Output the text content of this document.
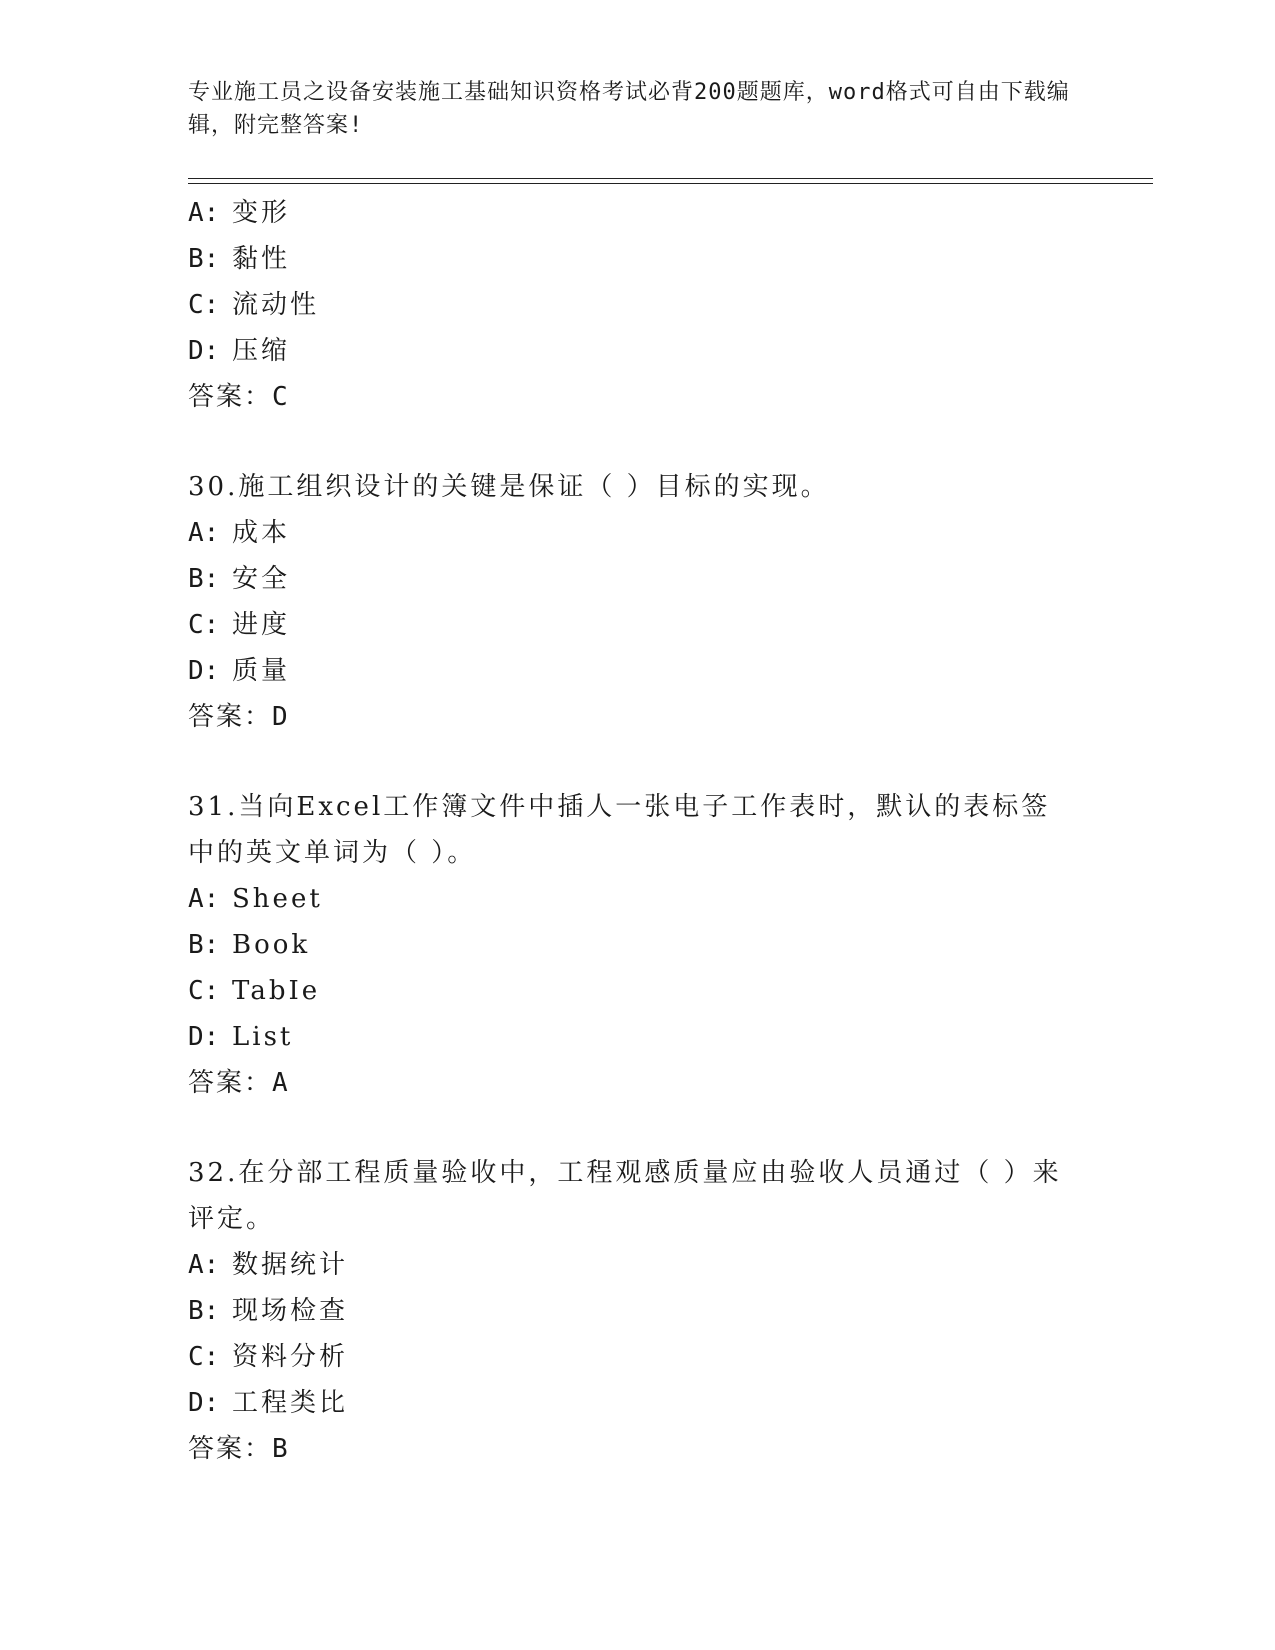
专业施工员之设备安装施工基础知识资格考试必背200题题库，word格式可自由下载编辑，附完整答案!
A: 变形
B: 黏性
C: 流动性
D: 压缩
答案：C
30.施工组织设计的关键是保证（ ）目标的实现。
A: 成本
B: 安全
C: 进度
D: 质量
答案：D
31.当向Excel工作簿文件中插人一张电子工作表时，默认的表标签中的英文单词为（ ）。
A: Sheet
B: Book
C: TabIe
D: List
答案：A
32.在分部工程质量验收中，工程观感质量应由验收人员通过（ ）来评定。
A: 数据统计
B: 现场检查
C: 资料分析
D: 工程类比
答案：B
